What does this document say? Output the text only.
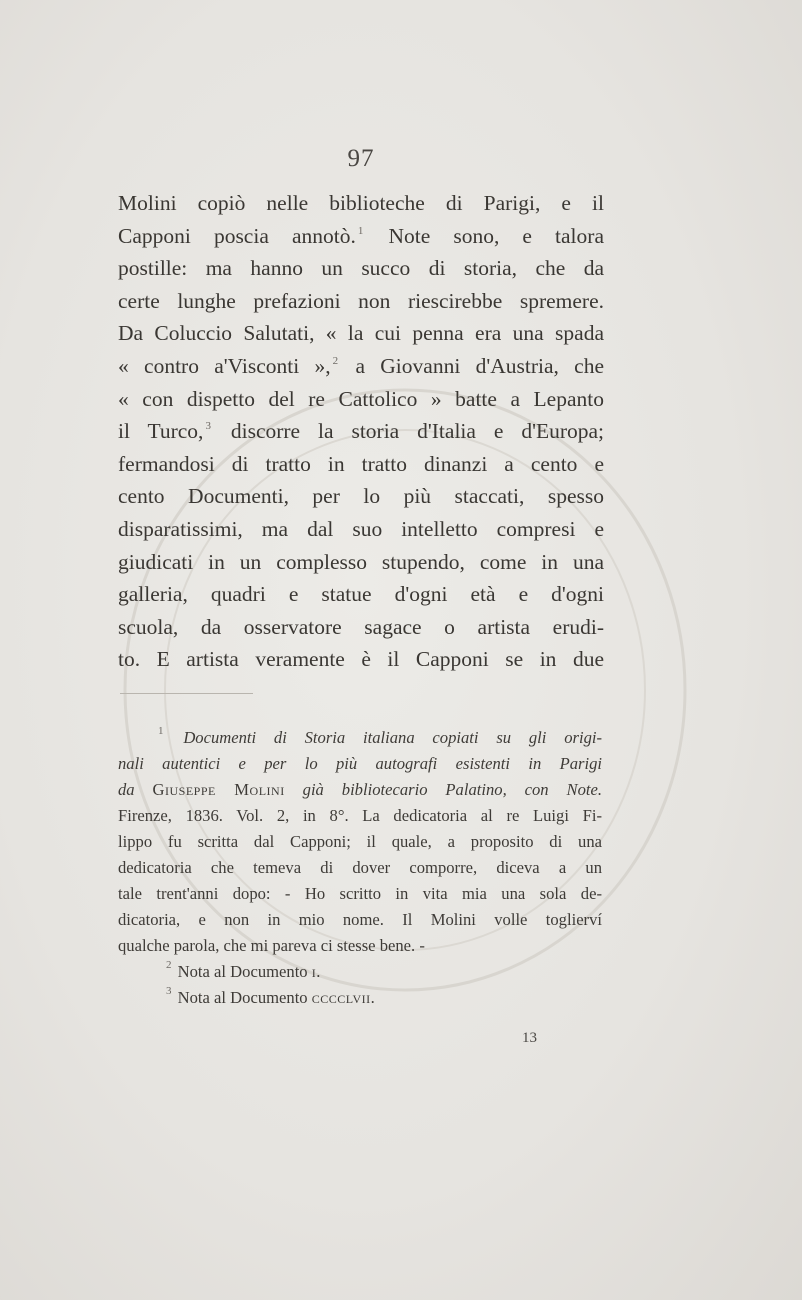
97
Molini copiò nelle biblioteche di Parigi, e il
Capponi poscia annotò. $^1$ Note sono, e talora
postille: ma hanno un succo di storia, che da
certe lunghe prefazioni non riescirebbe spremere.
Da Coluccio Salutati, « la cui penna era una spada
« contro a'Visconti », $^2$ a Giovanni d'Austria, che
« con dispetto del re Cattolico » batte a Lepanto
il Turco, $^3$ discorre la storia d'Italia e d'Europa;
fermandosi di tratto in tratto dinanzi a cento e
cento Documenti, per lo più staccati, spesso
disparatissimi, ma dal suo intelletto compresi e
giudicati in un complesso stupendo, come in una
galleria, quadri e statue d'ogni età e d'ogni
scuola, da osservatore sagace o artista erudi-
to. E artista veramente è il Capponi se in due
$^1$ Documenti di Storia italiana copiati su gli origi-
nali autentici e per lo più autografi esistenti in Parigi
da Giuseppe Molini già bibliotecario Palatino, con Note.
Firenze, 1836. Vol. 2, in 8°. La dedicatoria al re Luigi Fi-
lippo fu scritta dal Capponi; il quale, a proposito di una
dedicatoria che temeva di dover comporre, diceva a un
tale trent'anni dopo: - Ho scritto in vita mia una sola de-
dicatoria, e non in mio nome. Il Molini volle toglierví
qualche parola, che mi pareva ci stesse bene. -
$^2$ Nota al Documento i.
$^3$ Nota al Documento cccclvii.
13
